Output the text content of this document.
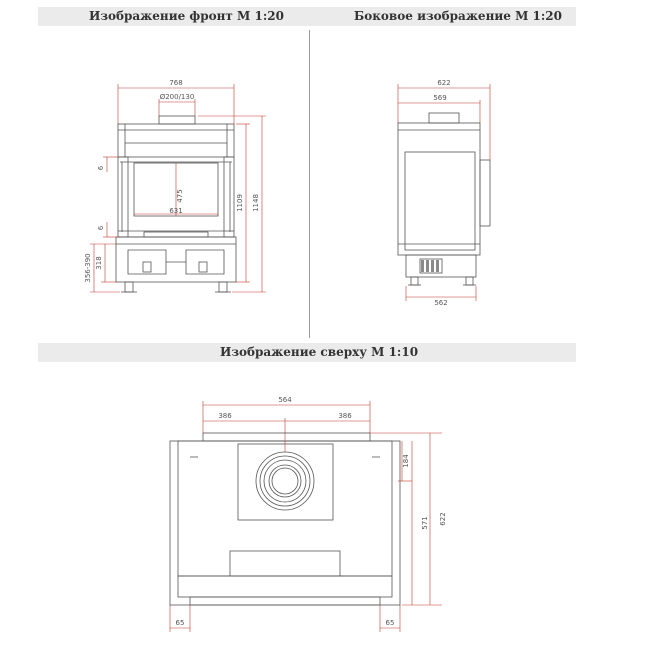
Изображение фронт М 1:20	Боковое изображение М 1:20
Изображение сверху М 1:10
768
Ø200/130
631
475	1109 1148
6
6
356-390 318
622
569
562
564
386	386
184
571 622
65	65
